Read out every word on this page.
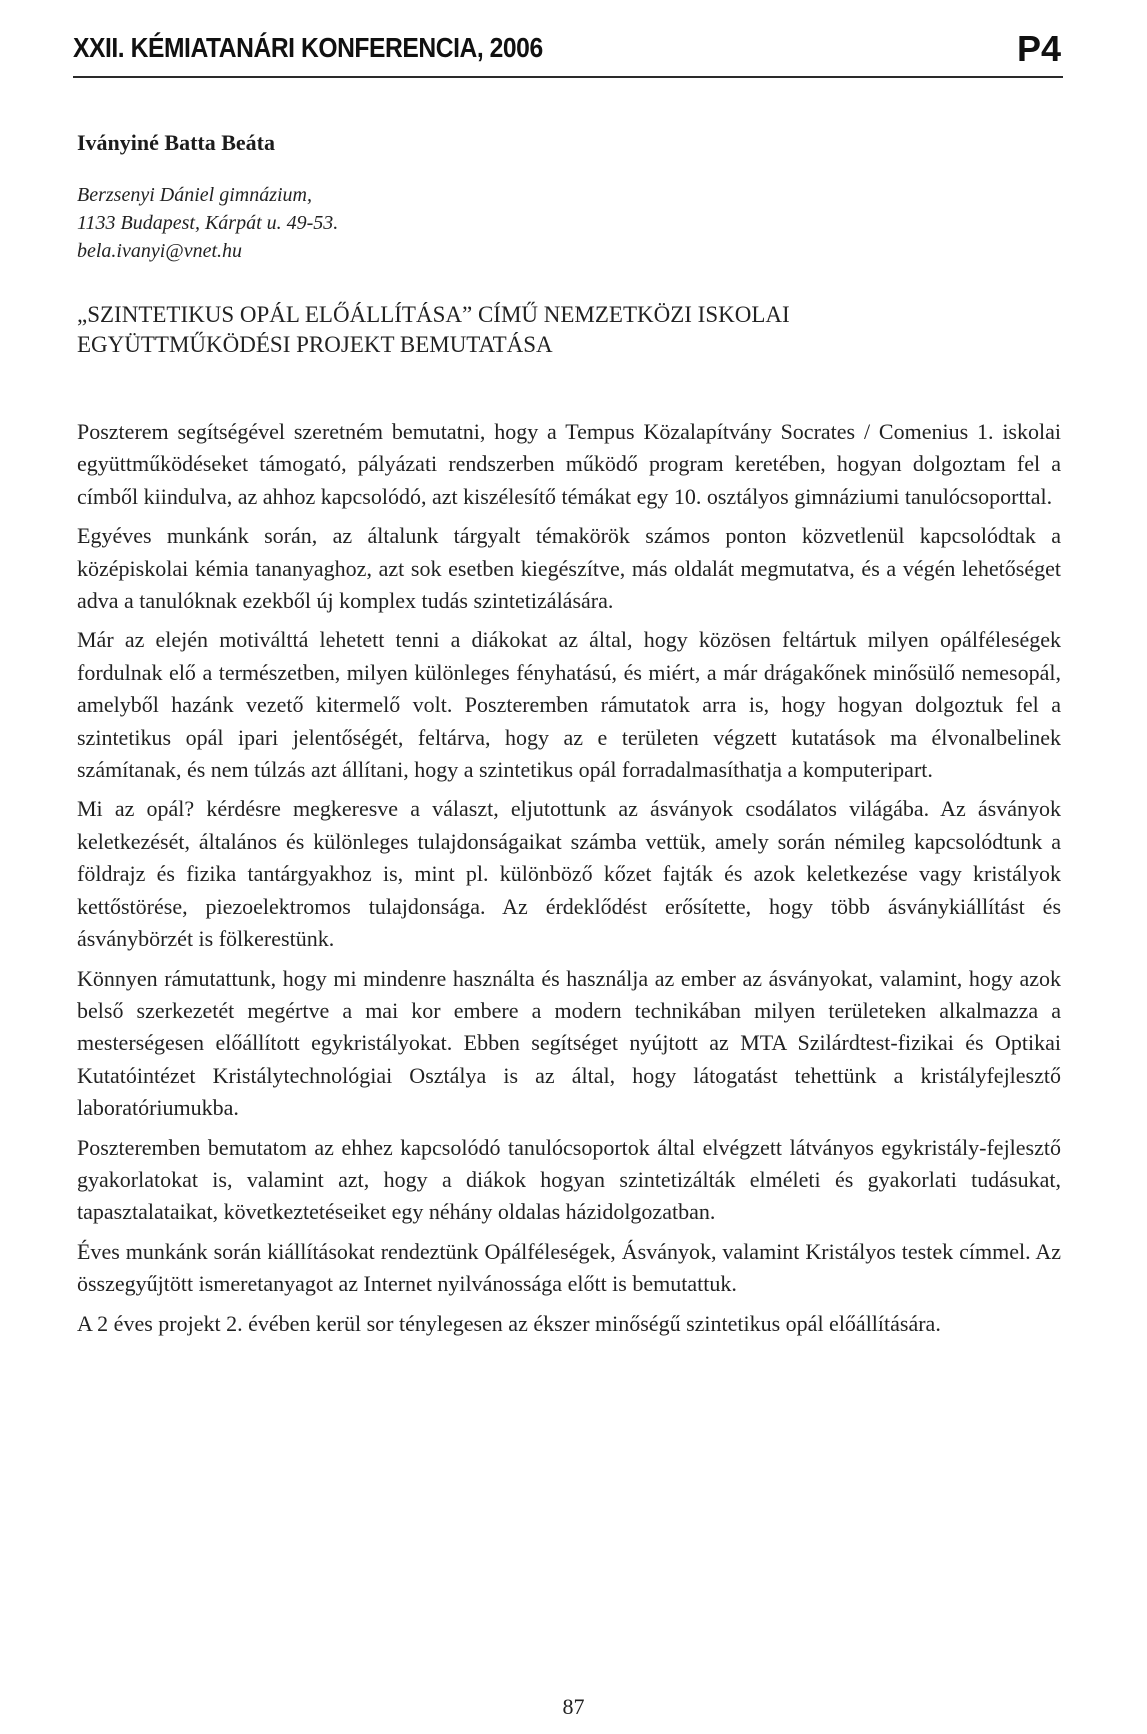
XXII. KÉMIATANÁRI KONFERENCIA, 2006	P4
Iványiné Batta Beáta
Berzsenyi Dániel gimnázium,
1133 Budapest, Kárpát u. 49-53.
bela.ivanyi@vnet.hu
„SZINTETIKUS OPÁL ELŐÁLLÍTÁSA” CÍMŰ NEMZETKÖZI ISKOLAI
EGYÜTTMŰKÖDÉSI PROJEKT BEMUTATÁSA

Poszterem segítségével szeretném bemutatni, hogy a Tempus Közalapítvány Socrates / Comenius 1. iskolai együttműködéseket támogató, pályázati rendszerben működő program keretében, hogyan dolgoztam fel a címből kiindulva, az ahhoz kapcsolódó, azt kiszélesítő témákat egy 10. osztályos gimnáziumi tanulócsoporttal.

Egyéves munkánk során, az általunk tárgyalt témakörök számos ponton közvetlenül kapcsolódtak a középiskolai kémia tananyaghoz, azt sok esetben kiegészítve, más oldalát megmutatva, és a végén lehetőséget adva a tanulóknak ezekből új komplex tudás szintetizálására.

Már az elején motiválttá lehetett tenni a diákokat az által, hogy közösen feltártuk milyen opálféleségek fordulnak elő a természetben, milyen különleges fényhatású, és miért, a már drágakőnek minősülő nemesopál, amelyből hazánk vezető kitermelő volt. Poszteremben rámutatok arra is, hogy hogyan dolgoztuk fel a szintetikus opál ipari jelentőségét, feltárva, hogy az e területen végzett kutatások ma élvonalbelinek számítanak, és nem túlzás azt állítani, hogy a szintetikus opál forradalmasíthatja a komputeripart.

Mi az opál? kérdésre megkeresve a választ, eljutottunk az ásványok csodálatos világába. Az ásványok keletkezését, általános és különleges tulajdonságaikat számba vettük, amely során némileg kapcsolódtunk a földrajz és fizika tantárgyakhoz is, mint pl. különböző kőzet fajták és azok keletkezése vagy kristályok kettőstörése, piezoelektromos tulajdonsága. Az érdeklődést erősítette, hogy több ásványkiállítást és ásványbörzét is fölkerestünk.

Könnyen rámutattunk, hogy mi mindenre használta és használja az ember az ásványokat, valamint, hogy azok belső szerkezetét megértve a mai kor embere a modern technikában milyen területeken alkalmazza a mesterségesen előállított egykristályokat. Ebben segítséget nyújtott az MTA Szilárdtest-fizikai és Optikai Kutatóintézet Kristálytechnológiai Osztálya is az által, hogy látogatást tehettünk a kristályfejlesztő laboratóriumukba.

Poszteremben bemutatom az ehhez kapcsolódó tanulócsoportok által elvégzett látványos egykristály-fejlesztő gyakorlatokat is, valamint azt, hogy a diákok hogyan szintetizálták elméleti és gyakorlati tudásukat, tapasztalataikat, következtetéseiket egy néhány oldalas házidolgozatban.

Éves munkánk során kiállításokat rendeztünk Opálféleségek, Ásványok, valamint Kristályos testek címmel. Az összegyűjtött ismeretanyagot az Internet nyilvánossága előtt is bemutattuk.

A 2 éves projekt 2. évében kerül sor ténylegesen az ékszer minőségű szintetikus opál előállítására.

87
